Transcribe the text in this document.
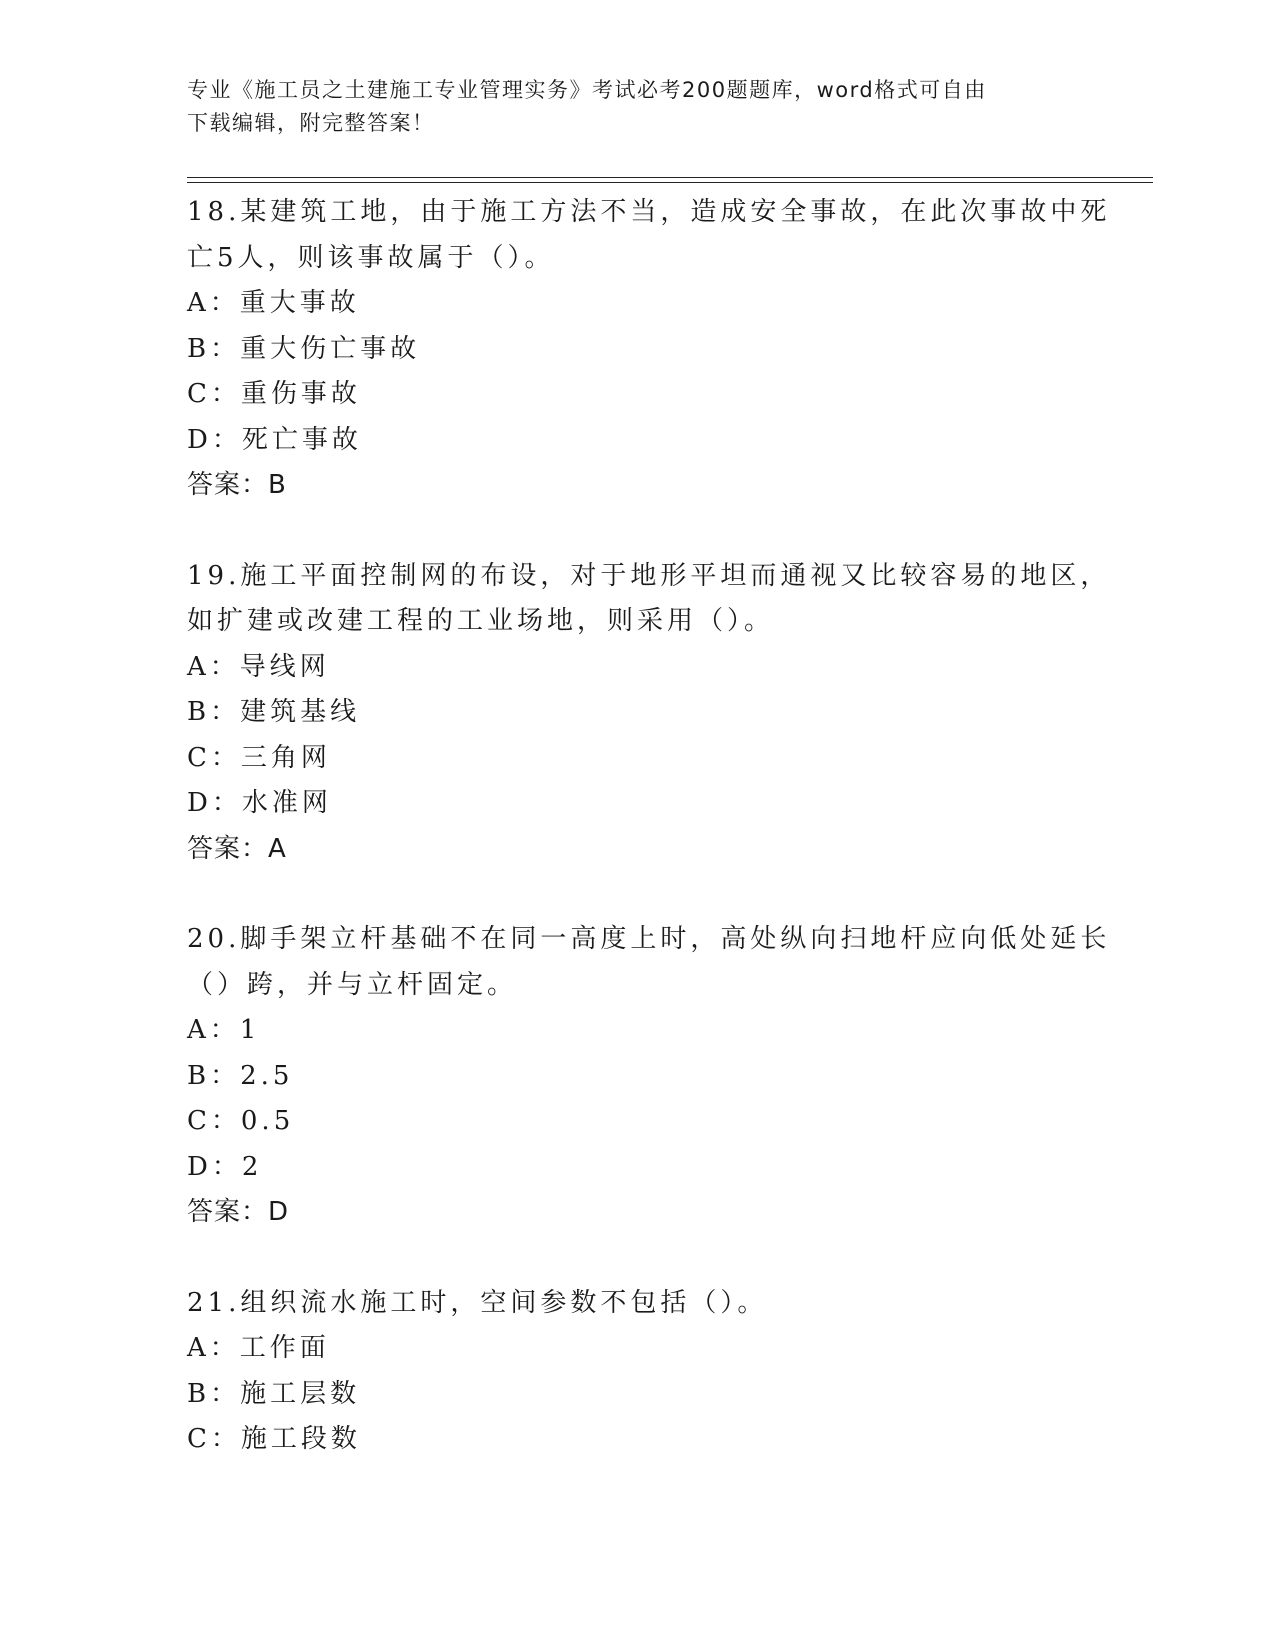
专业《施工员之土建施工专业管理实务》考试必考200题题库，word格式可自由
下载编辑，附完整答案！
18.某建筑工地，由于施工方法不当，造成安全事故，在此次事故中死
亡5人，则该事故属于（）。
A：重大事故
B：重大伤亡事故
C：重伤事故
D：死亡事故
答案：B
19.施工平面控制网的布设，对于地形平坦而通视又比较容易的地区，
如扩建或改建工程的工业场地，则采用（）。
A：导线网
B：建筑基线
C：三角网
D：水准网
答案：A
20.脚手架立杆基础不在同一高度上时，高处纵向扫地杆应向低处延长
（）跨，并与立杆固定。
A：1
B：2.5
C：0.5
D：2
答案：D
21.组织流水施工时，空间参数不包括（）。
A：工作面
B：施工层数
C：施工段数
